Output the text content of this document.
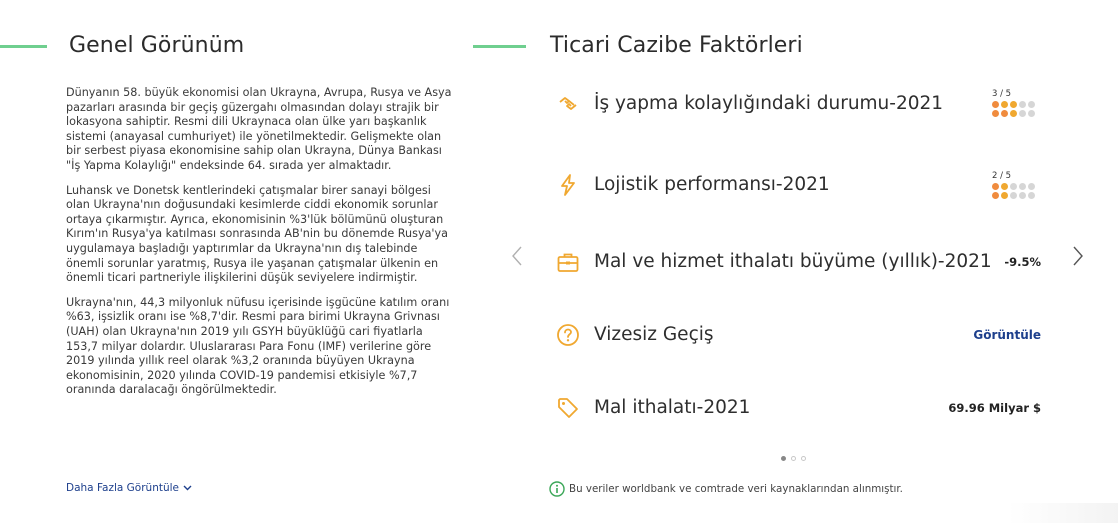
Genel Görünüm

Dünyanın 58. büyük ekonomisi olan Ukrayna, Avrupa, Rusya ve Asya pazarları arasında bir geçiş güzergahı olmasından dolayı strajik bir lokasyona sahiptir. Resmi dili Ukraynaca olan ülke yarı başkanlık sistemi (anayasal cumhuriyet) ile yönetilmektedir. Gelişmekte olan bir serbest piyasa ekonomisine sahip olan Ukrayna, Dünya Bankası "İş Yapma Kolaylığı" endeksinde 64. sırada yer almaktadır.

Luhansk ve Donetsk kentlerindeki çatışmalar birer sanayi bölgesi olan Ukrayna'nın doğusundaki kesimlerde ciddi ekonomik sorunlar ortaya çıkarmıştır. Ayrıca, ekonomisinin %3'lük bölümünü oluşturan Kırım'ın Rusya'ya katılması sonrasında AB'nin bu dönemde Rusya'ya uygulamaya başladığı yaptırımlar da Ukrayna'nın dış talebinde önemli sorunlar yaratmış, Rusya ile yaşanan çatışmalar ülkenin en önemli ticari partneriyle ilişkilerini düşük seviyelere indirmiştir.

Ukrayna'nın, 44,3 milyonluk nüfusu içerisinde işgücüne katılım oranı %63, işsizlik oranı ise %8,7'dir. Resmi para birimi Ukrayna Grivnası (UAH) olan Ukrayna'nın 2019 yılı GSYH büyüklüğü cari fiyatlarla 153,7 milyar dolardır. Uluslararası Para Fonu (IMF) verilerine göre 2019 yılında yıllık reel olarak %3,2 oranında büyüyen Ukrayna ekonomisinin, 2020 yılında COVID-19 pandemisi etkisiyle %7,7 oranında daralacağı öngörülmektedir.

Daha Fazla Görüntüle
Ticari Cazibe Faktörleri
İş yapma kolaylığındaki durumu-2021	3 / 5
Lojistik performansı-2021	2 / 5
Mal ve hizmet ithalatı büyüme (yıllık)-2021 -9.5%
Vizesiz Geçiş	Görüntüle
Mal ithalatı-2021	69.96 Milyar $
Bu veriler worldbank ve comtrade veri kaynaklarından alınmıştır.
